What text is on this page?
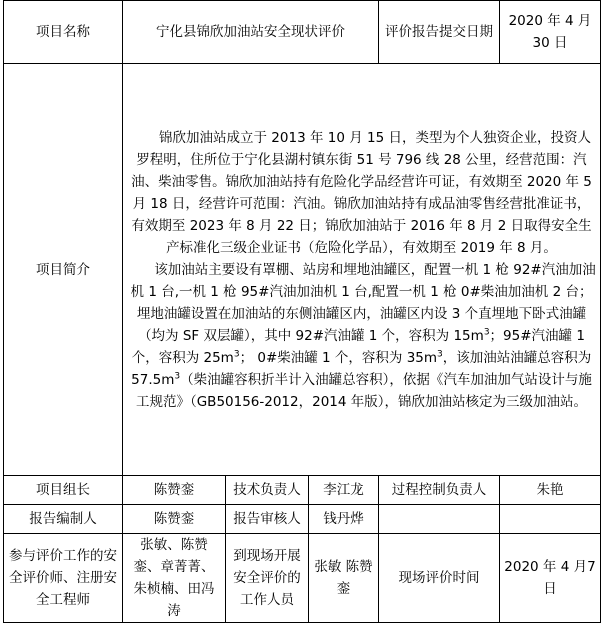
项目名称	宁化县锦欣加油站安全现状评价			评价报告提交日期	2020 年 4 月 30 日
项目简介	锦欣加油站成立于 2013 年 10 月 15 日，类型为个人独资企业，投资人罗程明，住所位于宁化县湖村镇东街 51 号 796 线 28 公里，经营范围：汽油、柴油零售。锦欣加油站持有危险化学品经营许可证，有效期至 2020 年 5 月 18 日，经营许可范围：汽油。锦欣加油站持有成品油零售经营批准证书，有效期至 2023 年 8 月 22 日；锦欣加油站于 2016 年 8 月 2 日取得安全生产标准化三级企业证书（危险化学品），有效期至 2019 年 8 月。

该加油站主要设有罩棚、站房和埋地油罐区，配置一机 1 枪 92#汽油加油机 1 台,一机 1 枪 95#汽油加油机 1 台,配置一机 1 枪 0#柴油加油机 2 台；埋地油罐设置在加油站的东侧油罐区内，油罐区内设 3 个直埋地下卧式油罐（均为 SF 双层罐），其中 92#汽油罐 1 个，容积为 $15m^3$；95#汽油罐 1 个，容积为 $25m^3$； 0#柴油罐 1 个，容积为 $35m^3$，该加油站油罐总容积为 $57.5m^3$（柴油罐容积折半计入油罐总容积），依据《汽车加油加气站设计与施工规范》（GB50156-2012，2014 年版），锦欣加油站核定为三级加油站。				

项目组长	陈赞銮	技术负责人	李江龙	过程控制负责人	朱艳
报告编制人	陈赞銮	报告审核人	钱丹烨		
参与评价工作的安全评价师、注册安全工程师	张敏、陈赞銮、章菁菁、朱桢楠、田冯涛	到现场开展安全评价的工作人员	张敏 陈赞銮	现场评价时间	2020 年 4 月7日
